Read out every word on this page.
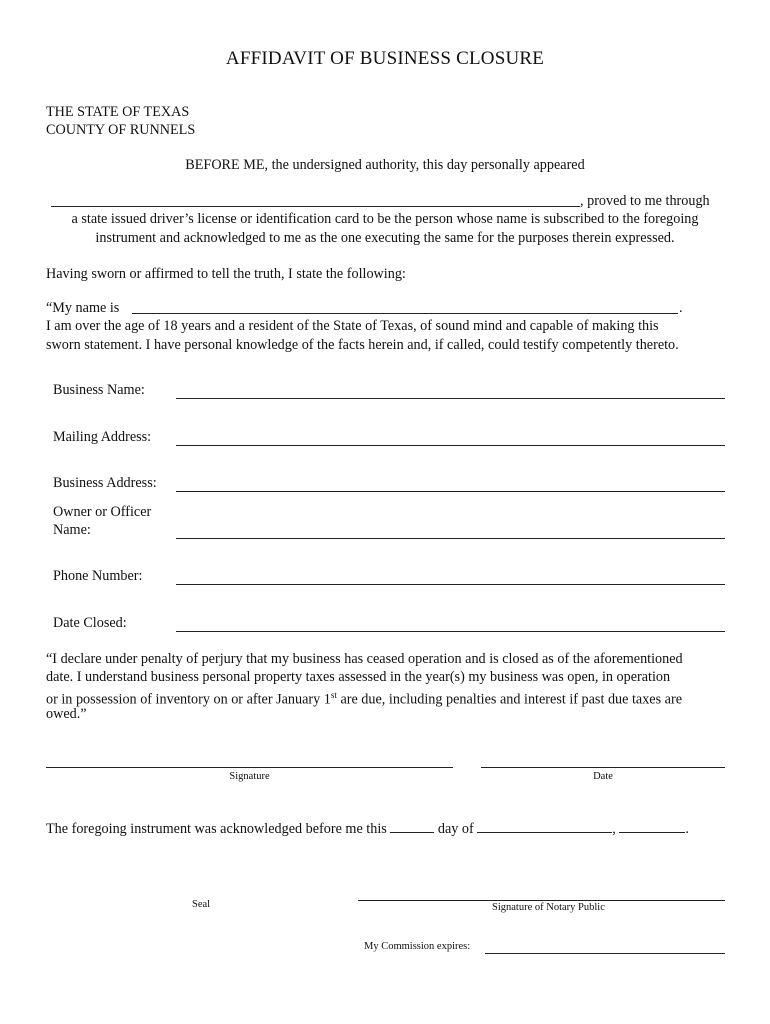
AFFIDAVIT OF BUSINESS CLOSURE
THE STATE OF TEXAS
COUNTY OF RUNNELS
BEFORE ME, the undersigned authority, this day personally appeared
, proved to me through
a state issued driver’s license or identification card to be the person whose name is subscribed to the foregoing
instrument and acknowledged to me as the one executing the same for the purposes therein expressed.
Having sworn or affirmed to tell the truth, I state the following:
“My name is	.
I am over the age of 18 years and a resident of the State of Texas, of sound mind and capable of making this
sworn statement. I have personal knowledge of the facts herein and, if called, could testify competently thereto.
Business Name:
Mailing Address:
Business Address:
Owner or Officer
Name:
Phone Number:
Date Closed:
“I declare under penalty of perjury that my business has ceased operation and is closed as of the aforementioned
date. I understand business personal property taxes assessed in the year(s) my business was open, in operation
or in possession of inventory on or after January 1st are due, including penalties and interest if past due taxes are
owed.”
Signature	Date
The foregoing instrument was acknowledged before me this	day of	,	.
Seal	Signature of Notary Public
My Commission expires:
